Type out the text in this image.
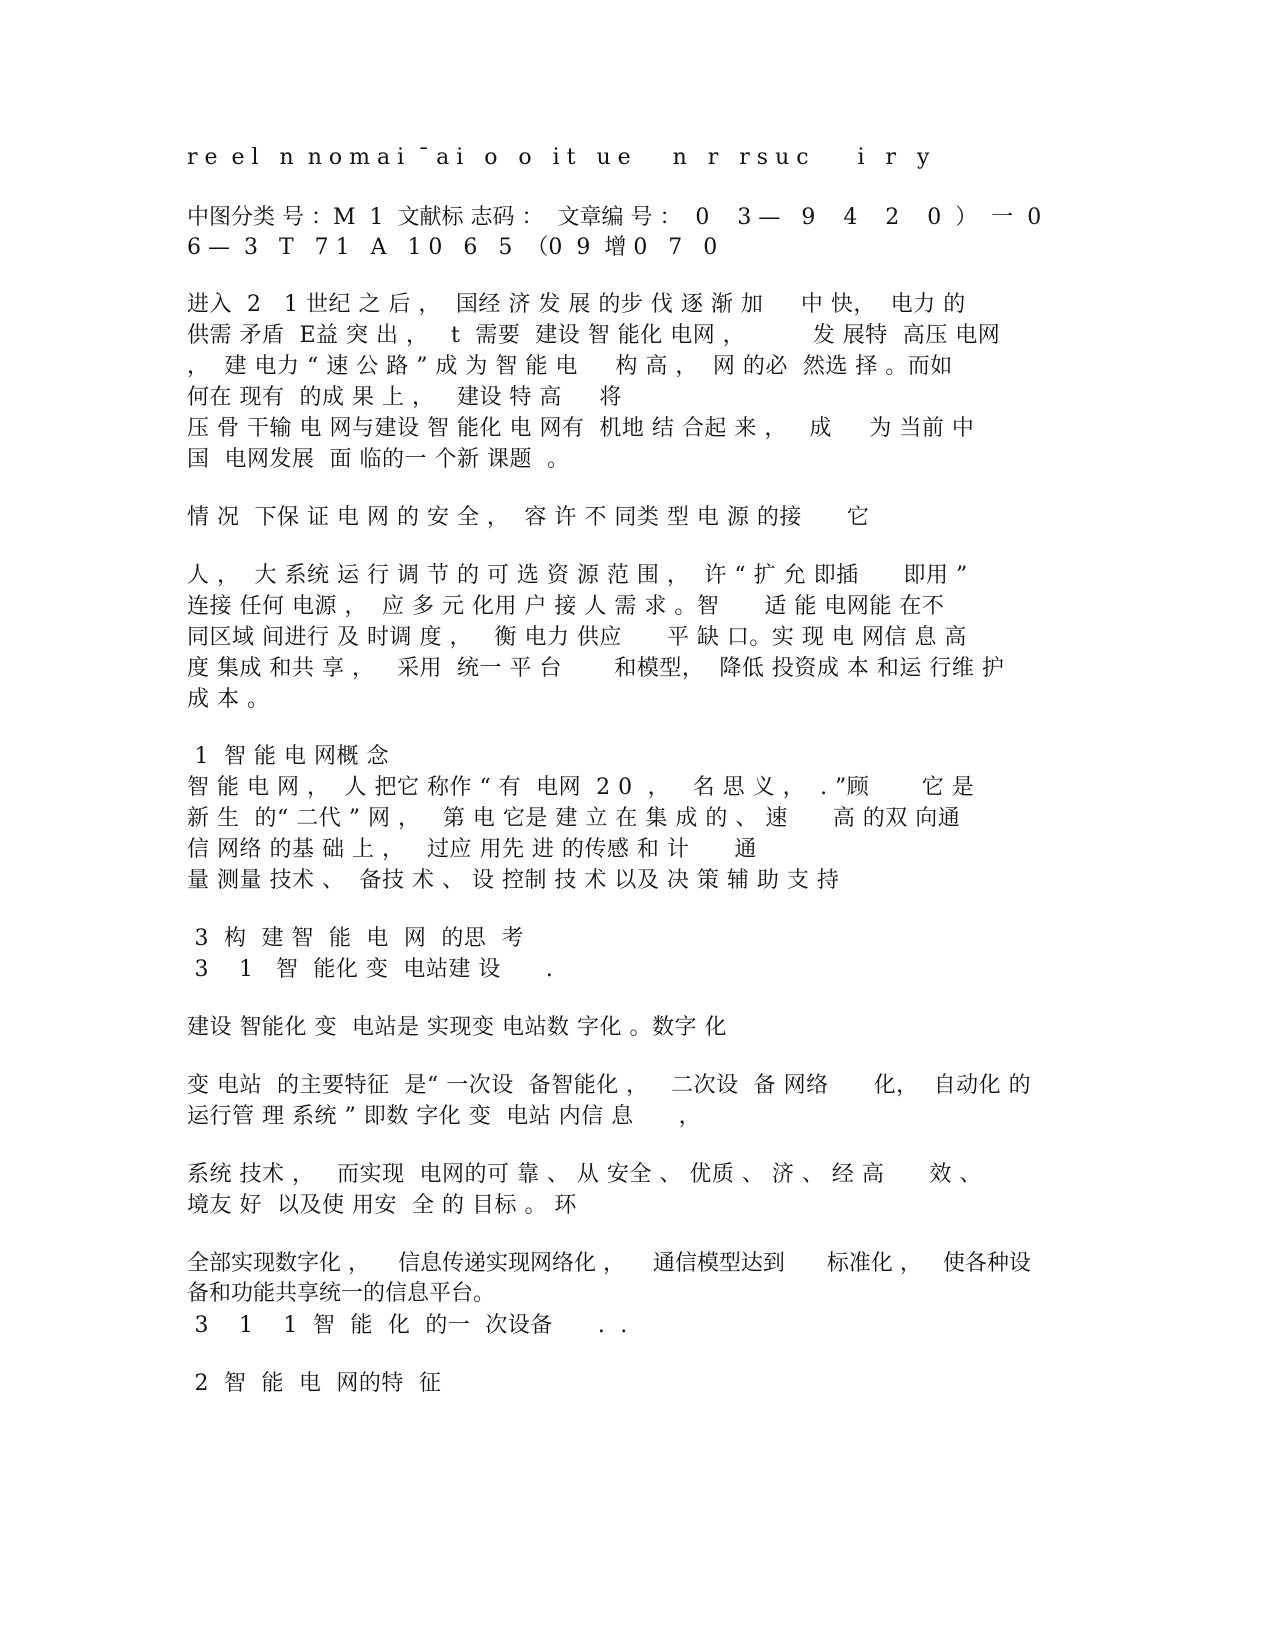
r e  e l   n  n o m a i  ¯ a i   o   o   i t   u e      n   r   r s u c       i   r   y

中图分类 号 ：M  1  文献标 志码 ：  文章编 号 ：  0    3 —   9    4    2    0  ）  一  0

6 —  3   T   7 1   A   1 0   6   5  （0  9  增 0   7   0

进入  2   1 世纪 之 后 ，  国经 济 发 展 的步 伐 逐 渐 加     中 快，  电力 的

供需 矛盾  E益 突 出 ，   t  需要  建设 智 能化 电网 ，         发 展特  高压 电网

，  建 电力 “ 速 公 路 ” 成 为 智 能 电     构 高 ，  网 的必  然选 择 。而如

何在 现有  的成 果 上 ，   建设 特 高     将

压 骨 干输 电 网与建设 智 能化 电 网有  机地 结 合起 来 ，   成     为 当前 中

国  电网发展  面 临的一 个新 课题  。

情 况  下保 证 电 网 的 安 全 ，  容 许 不 同类 型 电 源 的接      它

人 ，  大 系统 运 行 调 节 的 可 选 资 源 范 围 ，  许 “ 扩 允 即插      即用 ”

连接 任何 电源 ，  应 多 元 化用 户 接 人 需 求 。智      适 能 电网能 在不

同区域 间进行 及 时调 度 ，   衡 电力 供应      平 缺 口。实 现 电 网信 息 高

度 集成 和共 享 ，   采用  统一 平 台       和模型，  降低 投资成 本 和运 行维 护

成 本 。

1  智 能 电 网概 念

智 能 电 网 ，  人 把它 称作 “ 有  电网  2 0  ，   名 思 义 ，  . ”顾       它 是

新 生  的“ 二代 ” 网 ，   第 电 它是 建 立 在 集 成 的 、 速      高 的双 向通

信 网络 的基 础 上 ，   过应 用先 进 的传感 和 计      通

量 测量 技术 、  备技 术 、 设 控制 技 术 以及 决 策 辅 助 支 持

3  构  建 智  能  电  网  的思  考

3    1   智  能化 变  电站建 设      .

建设 智能化 变  电站是 实现变 电站数 字化 。数字 化

变 电站  的主要特征  是“ 一次设  备智能化 ，   二次设  备 网络      化，  自动化 的

运行管 理 系统 ” 即数 字化 变  电站 内信 息      ，

系统 技术 ，   而实现  电网的可 靠 、 从 安全 、 优质 、 济 、 经 高      效 、

境友 好  以及使 用安  全 的 目标 。 环

全部实现数字化 ，    信息传递实现网络化 ，    通信模型达到      标准化 ，   使各种设

备和功能共享统一的信息平台。

3    1    1  智  能  化  的一  次设备      .  .

2  智  能  电  网的特  征
